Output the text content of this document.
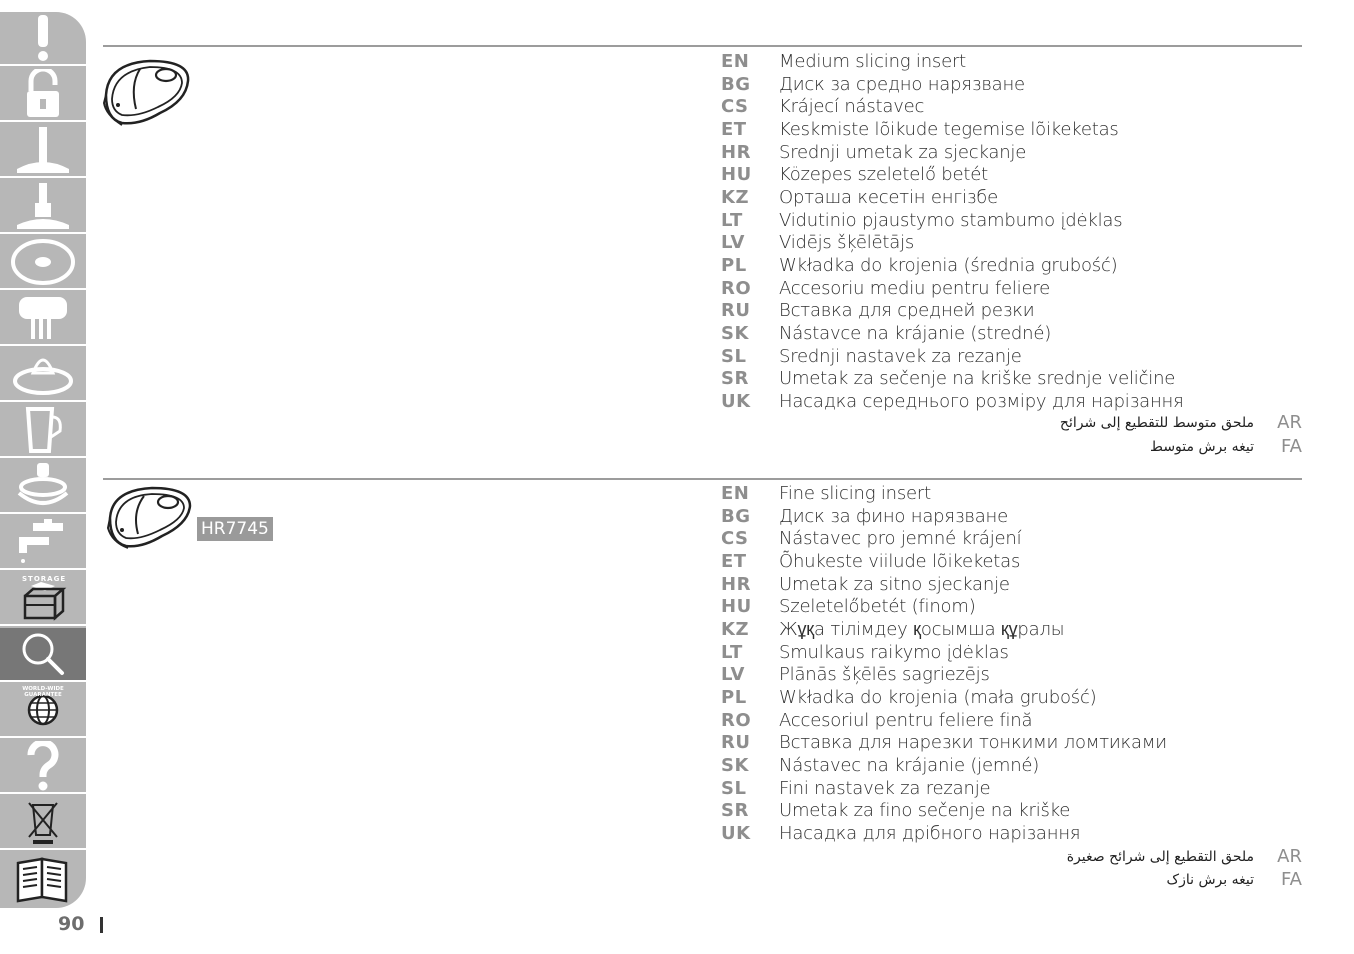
STORAGE
WORLD-WIDE GUARANTEE
90
EN	Medium slicing insert
BG	Диск за средно нарязване
CS	Krájecí nástavec
ET	Keskmiste lõikude tegemise lõikeketas
HR	Srednji umetak za sjeckanje
HU	Közepes szeletelő betét
KZ	Орташа кесетін енгізбе
LT	Vidutinio pjaustymo stambumo įdėklas
LV	Vidējs šķēlētājs
PL	Wkładka do krojenia (średnia grubość)
RO	Accesoriu mediu pentru feliere
RU	Вставка для средней резки
SK	Nástavce na krájanie (stredné)
SL	Srednji nastavek za rezanje
SR	Umetak za sečenje na kriške srednje veličine
UK	Насадка середнього розміру для нарізання
ملحق متوسط للتقطيع إلى شرائح AR
تیغه برش متوسط FA
HR7745
EN	Fine slicing insert
BG	Диск за фино нарязване
CS	Nástavec pro jemné krájení
ET	Õhukeste viilude lõikeketas
HR	Umetak za sitno sjeckanje
HU	Szeletelőbetét (finom)
KZ	Жұқа тілімдеу қосымша құралы
LT	Smulkaus raikymo įdėklas
LV	Plānās šķēlēs sagriezējs
PL	Wkładka do krojenia (mała grubość)
RO	Accesoriul pentru feliere fină
RU	Вставка для нарезки тонкими ломтиками
SK	Nástavec na krájanie (jemné)
SL	Fini nastavek za rezanje
SR	Umetak za fino sečenje na kriške
UK	Насадка для дрібного нарізання
ملحق التقطيع إلى شرائح صغيرة AR
تیغه برش نازک FA
